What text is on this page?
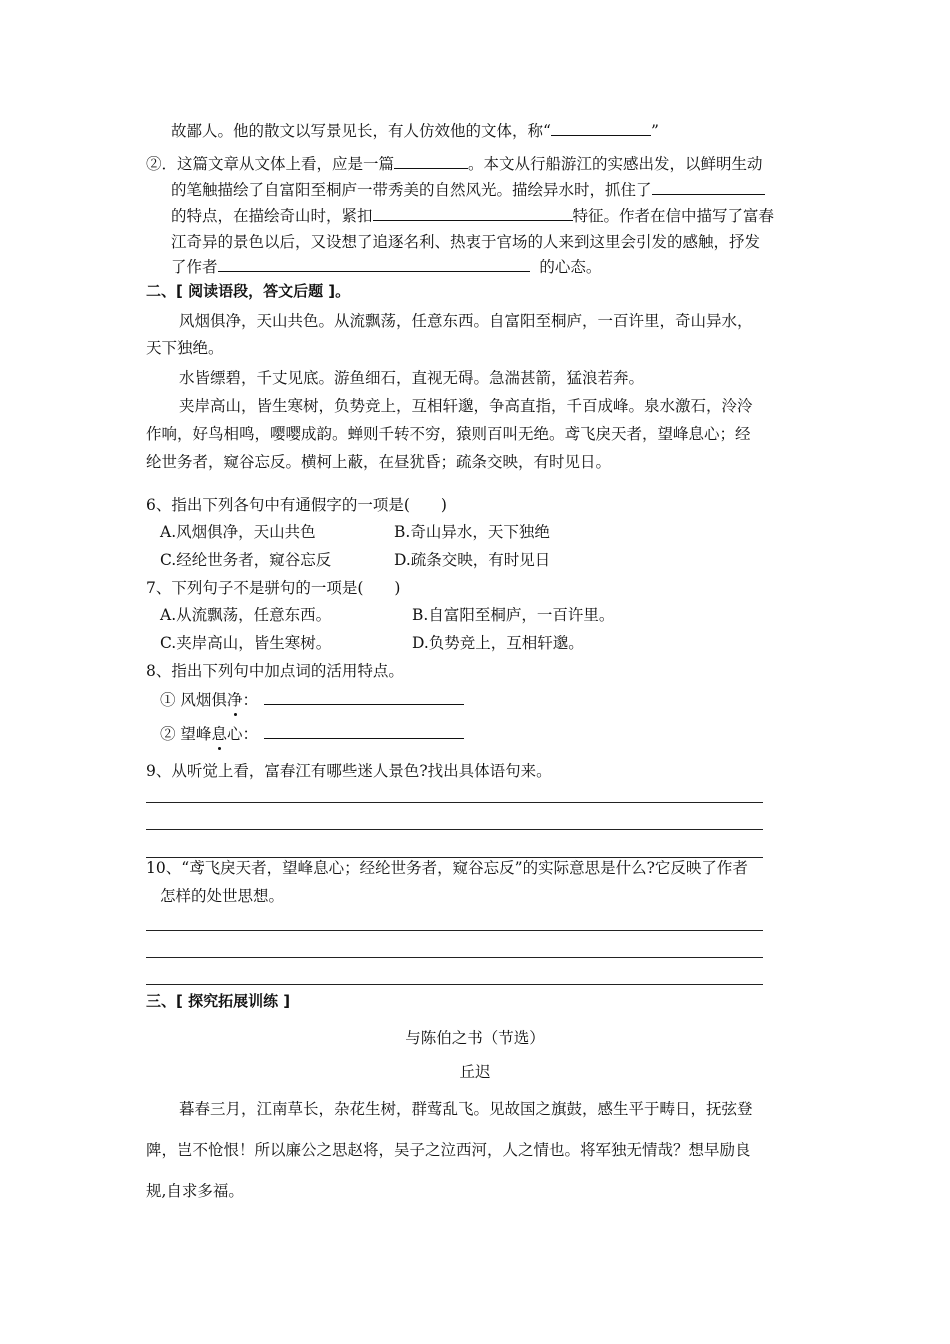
故鄙人。他的散文以写景见长，有人仿效他的文体，称“	”
②．这篇文章从文体上看，应是一篇	。本文从行船游江的实感出发，以鲜明生动
的笔触描绘了自富阳至桐庐一带秀美的自然风光。描绘异水时，抓住了
的特点，在描绘奇山时，紧扣	特征。作者在信中描写了富春
江奇异的景色以后，又设想了追逐名利、热衷于官场的人来到这里会引发的感触，抒发
了作者	的心态。
二、[ 阅读语段，答文后题 ]。
风烟俱净，天山共色。从流飘荡，任意东西。自富阳至桐庐，一百许里，奇山异水，
天下独绝。
水皆缥碧，千丈见底。游鱼细石，直视无碍。急湍甚箭，猛浪若奔。
夹岸高山，皆生寒树，负势竞上，互相轩邈，争高直指，千百成峰。泉水激石，泠泠
作响，好鸟相鸣，嘤嘤成韵。蝉则千转不穷，猿则百叫无绝。鸢飞戾天者，望峰息心；经
纶世务者，窥谷忘反。横柯上蔽，在昼犹昏；疏条交映，有时见日。
6、指出下列各句中有通假字的一项是(　　)
A.风烟俱净，天山共色	B.奇山异水，天下独绝
C.经纶世务者，窥谷忘反	D.疏条交映，有时见日
7、下列句子不是骈句的一项是(　　)
A.从流飘荡，任意东西。	B.自富阳至桐庐，一百许里。
C.夹岸高山，皆生寒树。	D.负势竞上，互相轩邈。
8、指出下列句中加点词的活用特点。
① 风烟俱净：
② 望峰息心：
9、从听觉上看，富春江有哪些迷人景色?找出具体语句来。
10、“鸢飞戾天者，望峰息心；经纶世务者，窥谷忘反”的实际意思是什么?它反映了作者
怎样的处世思想。
三、[ 探究拓展训练 ]
与陈伯之书（节选）
丘迟
暮春三月，江南草长，杂花生树，群莺乱飞。见故国之旗鼓，感生平于畴日，抚弦登
陴，岂不怆恨！所以廉公之思赵将，吴子之泣西河，人之情也。将军独无情哉？想早励良
规,自求多福。
